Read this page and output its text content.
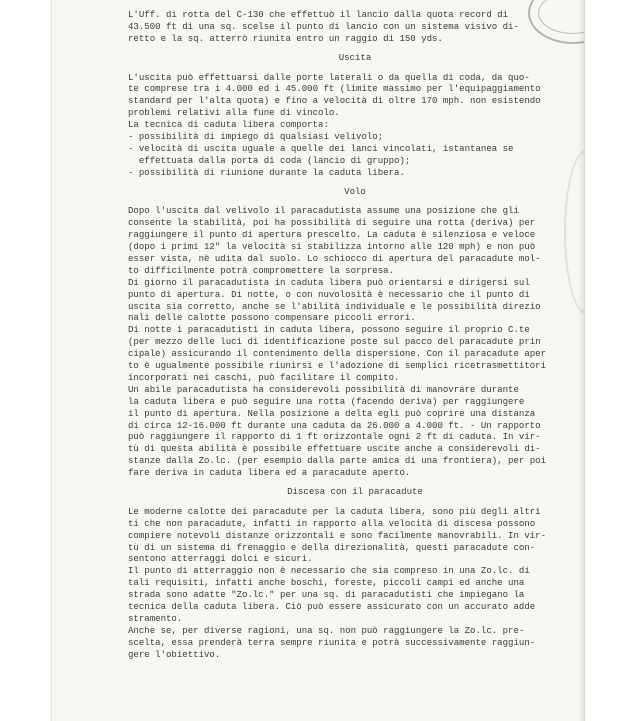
L'Uff. di rotta del C-130 che effettuò il lancio dalla quota record di
43.500 ft di una sq. scelse il punto di lancio con un sistema visivo di-
retto e la sq. atterrò riunita entro un raggio di 150 yds.
Uscita
L'uscita può effettuarsi dalle porte laterali o da quella di coda, da quo-
te comprese tra i 4.000 ed i 45.000 ft (limite massimo per l'equipaggiamento
standard per l'alta quota) e fino a velocità di oltre 170 mph. non esistendo
problemi relativi alla fune di vincolo.
La tecnica di caduta libera comporta:
- possibilità di impiego di qualsiasi velivolo;
- velocità di uscita uguale a quelle dei lanci vincolati, istantanea se
effettuata dalla porta di coda (lancio di gruppo);
- possibilità di riunione durante la caduta libera.
Volo
Dopo l'uscita dal velivolo il paracadutista assume una posizione che gli
consente la stabilità, poi ha possibilità di seguire una rotta (deriva) per
raggiungere il punto di apertura prescelto. La caduta è silenziosa e veloce
(dopo i primi 12" la velocità si stabilizza intorno alle 120 mph) e non può
esser vista, nè udita dal suolo. Lo schiocco di apertura del paracadute mol-
to difficilmente potrà compromettere la sorpresa.
Di giorno il paracadutista in caduta libera può orientarsi e dirigersi sul
punto di apertura. Di notte, o con nuvolosità è necessario che il punto di
uscita sia corretto, anche se l'abilità individuale e le possibilità direzio
nali delle calotte possono compensare piccoli errori.
Di notte i paracadutisti in caduta libera, possono seguire il proprio C.te
(per mezzo delle luci di identificazione poste sul pacco del paracadute prin
cipale) assicurando il contenimento della dispersione. Con il paracadute aper
to è ugualmente possibile riunirsi e l'adozione di semplici ricetrasmettitori
incorporati nei caschi, può facilitare il compito.
Un abile paracadutista ha considerevoli possibilità di manovrare durante
la caduta libera e può seguire una rotta (facendo deriva) per raggiungere
il punto di apertura. Nella posizione a delta egli può coprire una distanza
di circa 12-16.000 ft durante una caduta da 26.000 a 4.000 ft. - Un rapporto
può raggiungere il rapporto di 1 ft orizzontale ogni 2 ft di caduta. In vir-
tù di questa abilità è possibile effettuare uscite anche a considerevoli di-
stanze dalla Zo.lc. (per esempio dalla parte amica di una frontiera), per poi
fare deriva in caduta libera ed a paracadute aperto.
Discesa con il paracadute
Le moderne calotte dei paracadute per la caduta libera, sono più degli altri
ti che non paracadute, infatti in rapporto alla velocità di discesa possono
compiere notevoli distanze orizzontali e sono facilmente manovrabili. In vir-
tù di un sistema di frenaggio e della direzionalità, questi paracadute con-
sentono atterraggi dolci e sicuri.
Il punto di atterraggio non è necessario che sia compreso in una Zo.lc. di
tali requisiti, infatti anche boschi, foreste, piccoli campi ed anche una
strada sono adatte "Zo.lc." per una sq. di paracadutisti che impiegano la
tecnica della caduta libera. Ciò può essere assicurato con un accurato adde
stramento.
Anche se, per diverse ragioni, una sq. non può raggiungere la Zo.lc. pre-
scelta, essa prenderà terra sempre riunita e potrà successivamente raggiun-
gere l'obiettivo.
